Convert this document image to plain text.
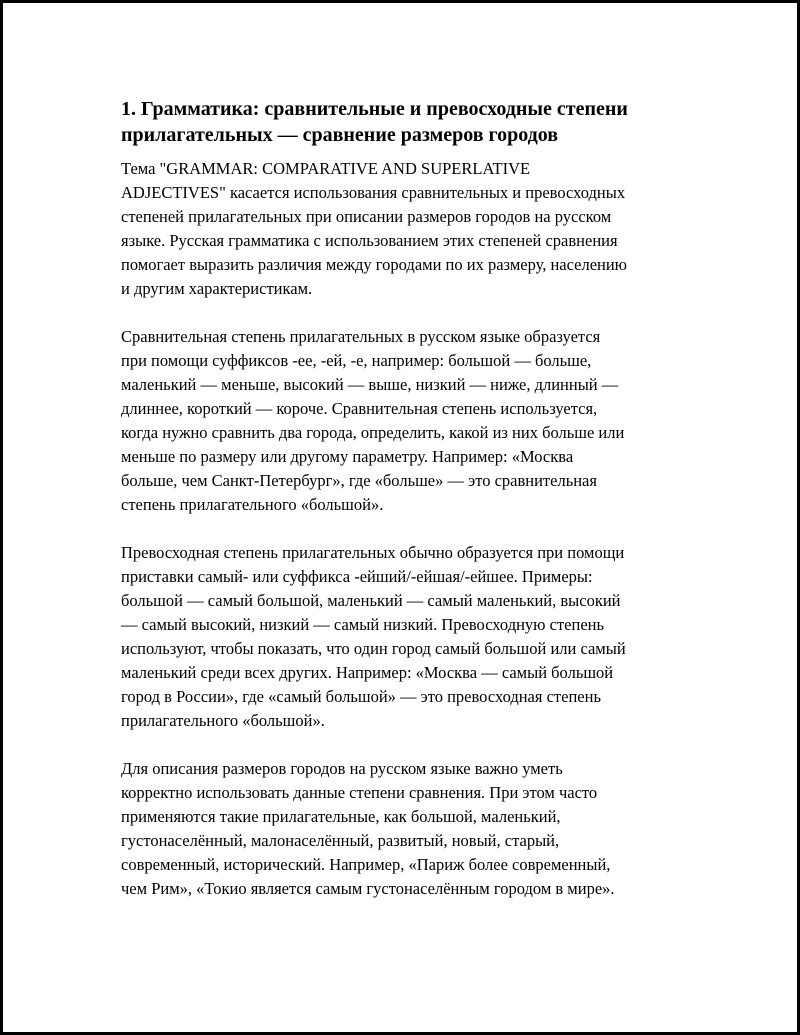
1. Грамматика: сравнительные и превосходные степени
прилагательных — сравнение размеров городов

Тема "GRAMMAR: COMPARATIVE AND SUPERLATIVE
ADJECTIVES" касается использования сравнительных и превосходных
степеней прилагательных при описании размеров городов на русском
языке. Русская грамматика с использованием этих степеней сравнения
помогает выразить различия между городами по их размеру, населению
и другим характеристикам.

Сравнительная степень прилагательных в русском языке образуется
при помощи суффиксов -ее, -ей, -е, например: большой — больше,
маленький — меньше, высокий — выше, низкий — ниже, длинный —
длиннее, короткий — короче. Сравнительная степень используется,
когда нужно сравнить два города, определить, какой из них больше или
меньше по размеру или другому параметру. Например: «Москва
больше, чем Санкт-Петербург», где «больше» — это сравнительная
степень прилагательного «большой».

Превосходная степень прилагательных обычно образуется при помощи
приставки самый- или суффикса -ейший/-ейшая/-ейшее. Примеры:
большой — самый большой, маленький — самый маленький, высокий
— самый высокий, низкий — самый низкий. Превосходную степень
используют, чтобы показать, что один город самый большой или самый
маленький среди всех других. Например: «Москва — самый большой
город в России», где «самый большой» — это превосходная степень
прилагательного «большой».

Для описания размеров городов на русском языке важно уметь
корректно использовать данные степени сравнения. При этом часто
применяются такие прилагательные, как большой, маленький,
густонаселённый, малонаселённый, развитый, новый, старый,
современный, исторический. Например, «Париж более современный,
чем Рим», «Токио является самым густонаселённым городом в мире».
